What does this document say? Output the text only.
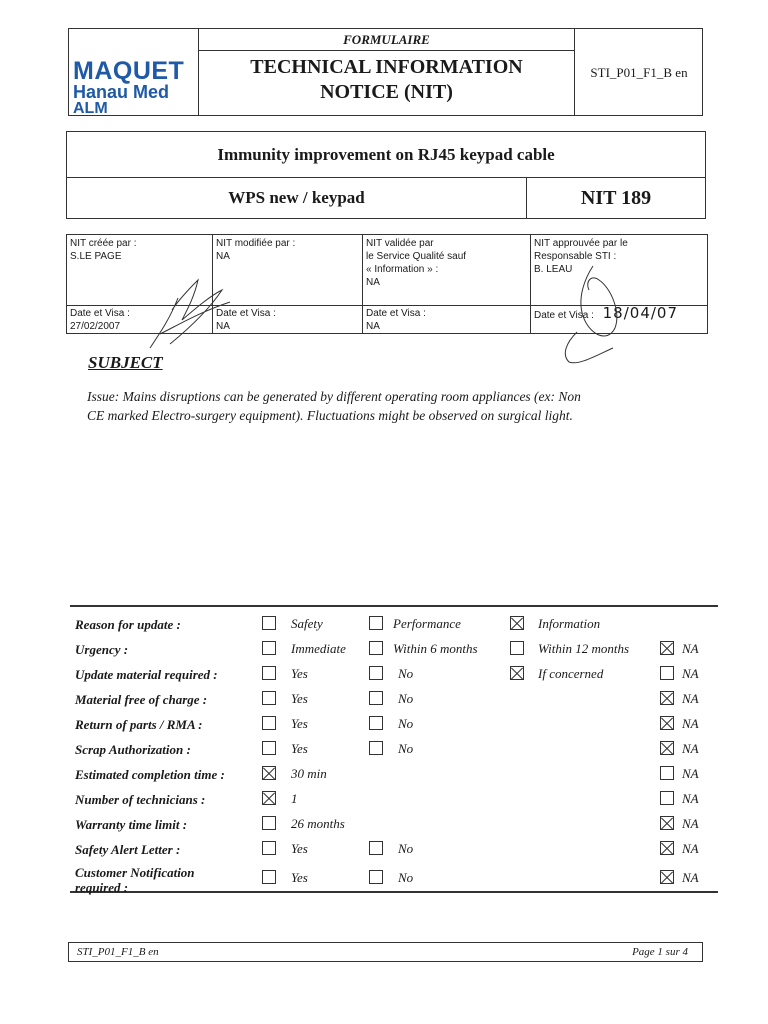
MAQUET
Hanau Med
ALM
FORMULAIRE
TECHNICAL INFORMATION
NOTICE (NIT)
STI_P01_F1_B en
Immunity improvement on RJ45 keypad cable
WPS new / keypad	NIT 189
NIT créée par :
S.LE PAGE
Date et Visa :
27/02/2007
NIT modifiée par :
NA
Date et Visa :
NA
NIT validée par
le Service Qualité sauf
« Information » :
NA
Date et Visa :
NA
NIT approuvée par le
Responsable STI :
B. LEAU
Date et Visa : 18/04/07
SUBJECT
Issue: Mains disruptions can be generated by different operating room appliances (ex: Non
CE marked Electro-surgery equipment). Fluctuations might be observed on surgical light.
Reason for update :	Safety	Performance	Information
Urgency :	Immediate	Within 6 months	Within 12 months	NA
Update material required :	Yes	No	If concerned	NA
Material free of charge :	Yes	No	NA
Return of parts / RMA :	Yes	No	NA
Scrap Authorization :	Yes	No	NA
Estimated completion time :	30 min	NA
Number of technicians :	1	NA
Warranty time limit :	26 months	NA
Safety Alert Letter :	Yes	No	NA
Customer Notification
required :
Yes	No	NA
STI_P01_F1_B en	Page 1 sur 4
